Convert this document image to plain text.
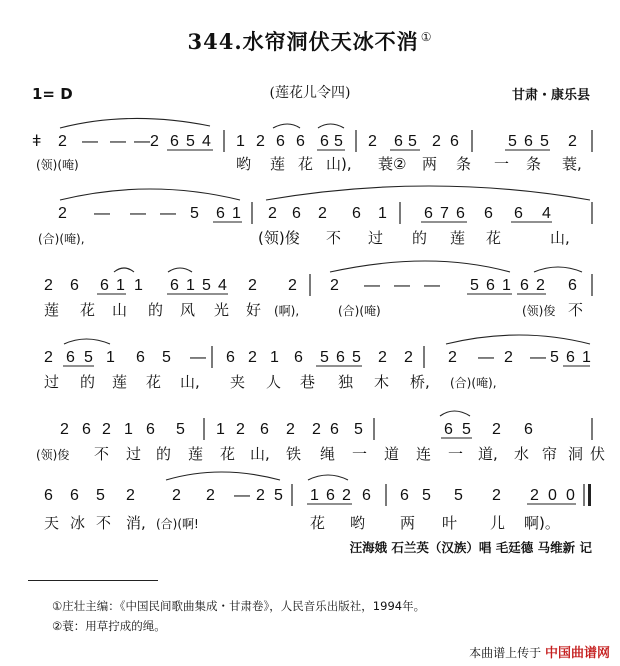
344.水帘洞伏天冰不消 ①
1= D	(莲花儿令四)	甘肃・康乐县
ǂ 2 — — — 2 6 5 4 1 2 6 6 6 5 2 6 5 2 6	5 6 5 2
(领)(唵)	哟 莲 花 山), 蓑② 两 条 一 条 蓑,
2 — — — 5 6 1 2 6 2 6 1 6 7 6 6 6 4
(合)(唵),	(领)俊 不 过 的 莲 花	山,
2 6 6 1 1 6 1 5 4 2 2 2 — — — 5 6 1 6 2 6
莲 花 山 的 风 光 好 (啊),	(合)(唵)	(领)俊 不
2 6 5 1 6 5 — 6 2 1 6 5 6 5 2 2 2 — 2 — 5 6 1
过 的 莲 花 山, 夹 人 巷 独 木 桥, (合)(唵),
2 6 2 1 6 5 1 2 6 2 2 6 5	6 5 2 6
(领)俊 不 过 的 莲 花 山, 铁 绳 一 道 连 一 道, 水 帘 洞 伏
6 6 5 2 2 2 — 2 5 1 6 2 6 6 5 5 2 2 0 0
天 冰 不 消, (合)(啊!	花 哟 两 叶 儿 啊)。
汪海娥 石兰英（汉族）唱 毛廷德 马维新 记
①庄壮主编：《中国民间歌曲集成・甘肃卷》，人民音乐出版社，1994年。
②蓑：用草拧成的绳。
本曲谱上传于 中国曲谱网
